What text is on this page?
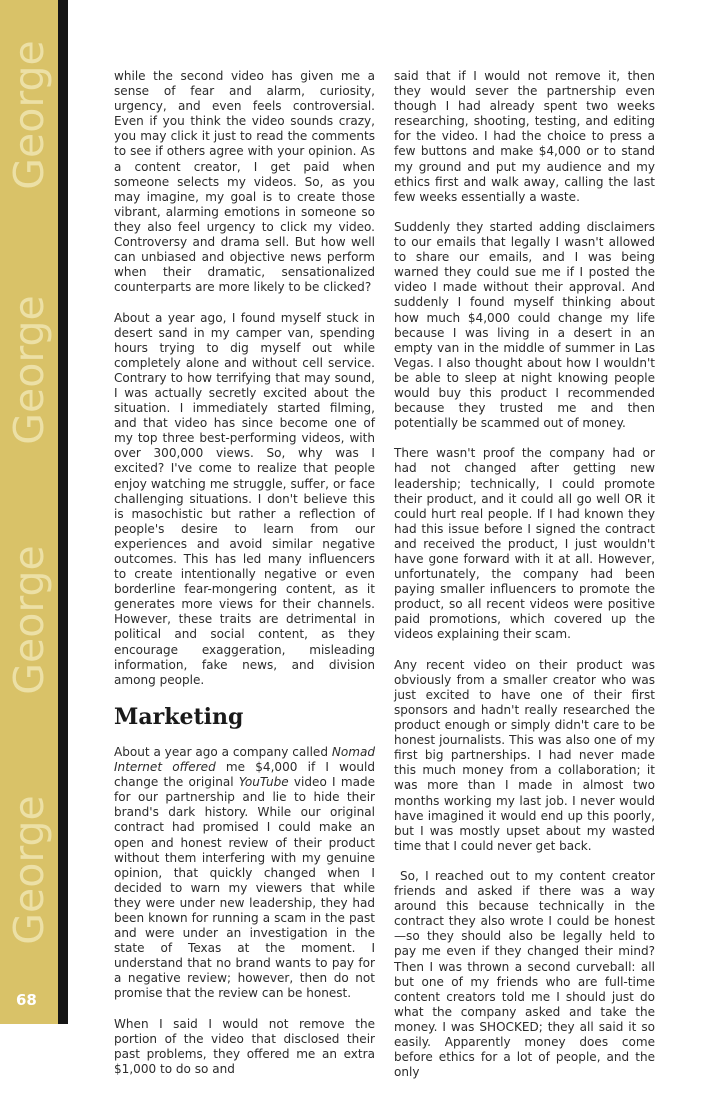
George
George
George
George
68

while the second video has given me a sense of fear and alarm, curiosity, urgency, and even feels controversial. Even if you think the video sounds crazy, you may click it just to read the comments to see if others agree with your opinion. As a content creator, I get paid when someone selects my videos. So, as you may imagine, my goal is to create those vibrant, alarming emotions in someone so they also feel urgency to click my video. Controversy and drama sell. But how well can unbiased and objective news perform when their dramatic, sensationalized counterparts are more likely to be clicked?

About a year ago, I found myself stuck in desert sand in my camper van, spending hours trying to dig myself out while completely alone and without cell service. Contrary to how terrifying that may sound, I was actually secretly excited about the situation. I immediately started filming, and that video has since become one of my top three best-performing videos, with over 300,000 views. So, why was I excited? I've come to realize that people enjoy watching me struggle, suffer, or face challenging situations. I don't believe this is masochistic but rather a reflection of people's desire to learn from our experiences and avoid similar negative outcomes. This has led many influencers to create intentionally negative or even borderline fear-mongering content, as it generates more views for their channels. However, these traits are detrimental in political and social content, as they encourage exaggeration, misleading information, fake news, and division among people.

Marketing

About a year ago a company called Nomad Internet offered me $4,000 if I would change the original YouTube video I made for our partnership and lie to hide their brand's dark history. While our original contract had promised I could make an open and honest review of their product without them interfering with my genuine opinion, that quickly changed when I decided to warn my viewers that while they were under new leadership, they had been known for running a scam in the past and were under an investigation in the state of Texas at the moment. I understand that no brand wants to pay for a negative review; however, then do not promise that the review can be honest.

When I said I would not remove the portion of the video that disclosed their past problems, they offered me an extra $1,000 to do so and

said that if I would not remove it, then they would sever the partnership even though I had already spent two weeks researching, shooting, testing, and editing for the video. I had the choice to press a few buttons and make $4,000 or to stand my ground and put my audience and my ethics first and walk away, calling the last few weeks essentially a waste.

Suddenly they started adding disclaimers to our emails that legally I wasn't allowed to share our emails, and I was being warned they could sue me if I posted the video I made without their approval. And suddenly I found myself thinking about how much $4,000 could change my life because I was living in a desert in an empty van in the middle of summer in Las Vegas. I also thought about how I wouldn't be able to sleep at night knowing people would buy this product I recommended because they trusted me and then potentially be scammed out of money.

There wasn't proof the company had or had not changed after getting new leadership; technically, I could promote their product, and it could all go well OR it could hurt real people. If I had known they had this issue before I signed the contract and received the product, I just wouldn't have gone forward with it at all. However, unfortunately, the company had been paying smaller influencers to promote the product, so all recent videos were positive paid promotions, which covered up the videos explaining their scam.

Any recent video on their product was obviously from a smaller creator who was just excited to have one of their first sponsors and hadn't really researched the product enough or simply didn't care to be honest journalists. This was also one of my first big partnerships. I had never made this much money from a collaboration; it was more than I made in almost two months working my last job. I never would have imagined it would end up this poorly, but I was mostly upset about my wasted time that I could never get back.

So, I reached out to my content creator friends and asked if there was a way around this because technically in the contract they also wrote I could be honest—so they should also be legally held to pay me even if they changed their mind? Then I was thrown a second curveball: all but one of my friends who are full-time content creators told me I should just do what the company asked and take the money. I was SHOCKED; they all said it so easily. Apparently money does come before ethics for a lot of people, and the only
